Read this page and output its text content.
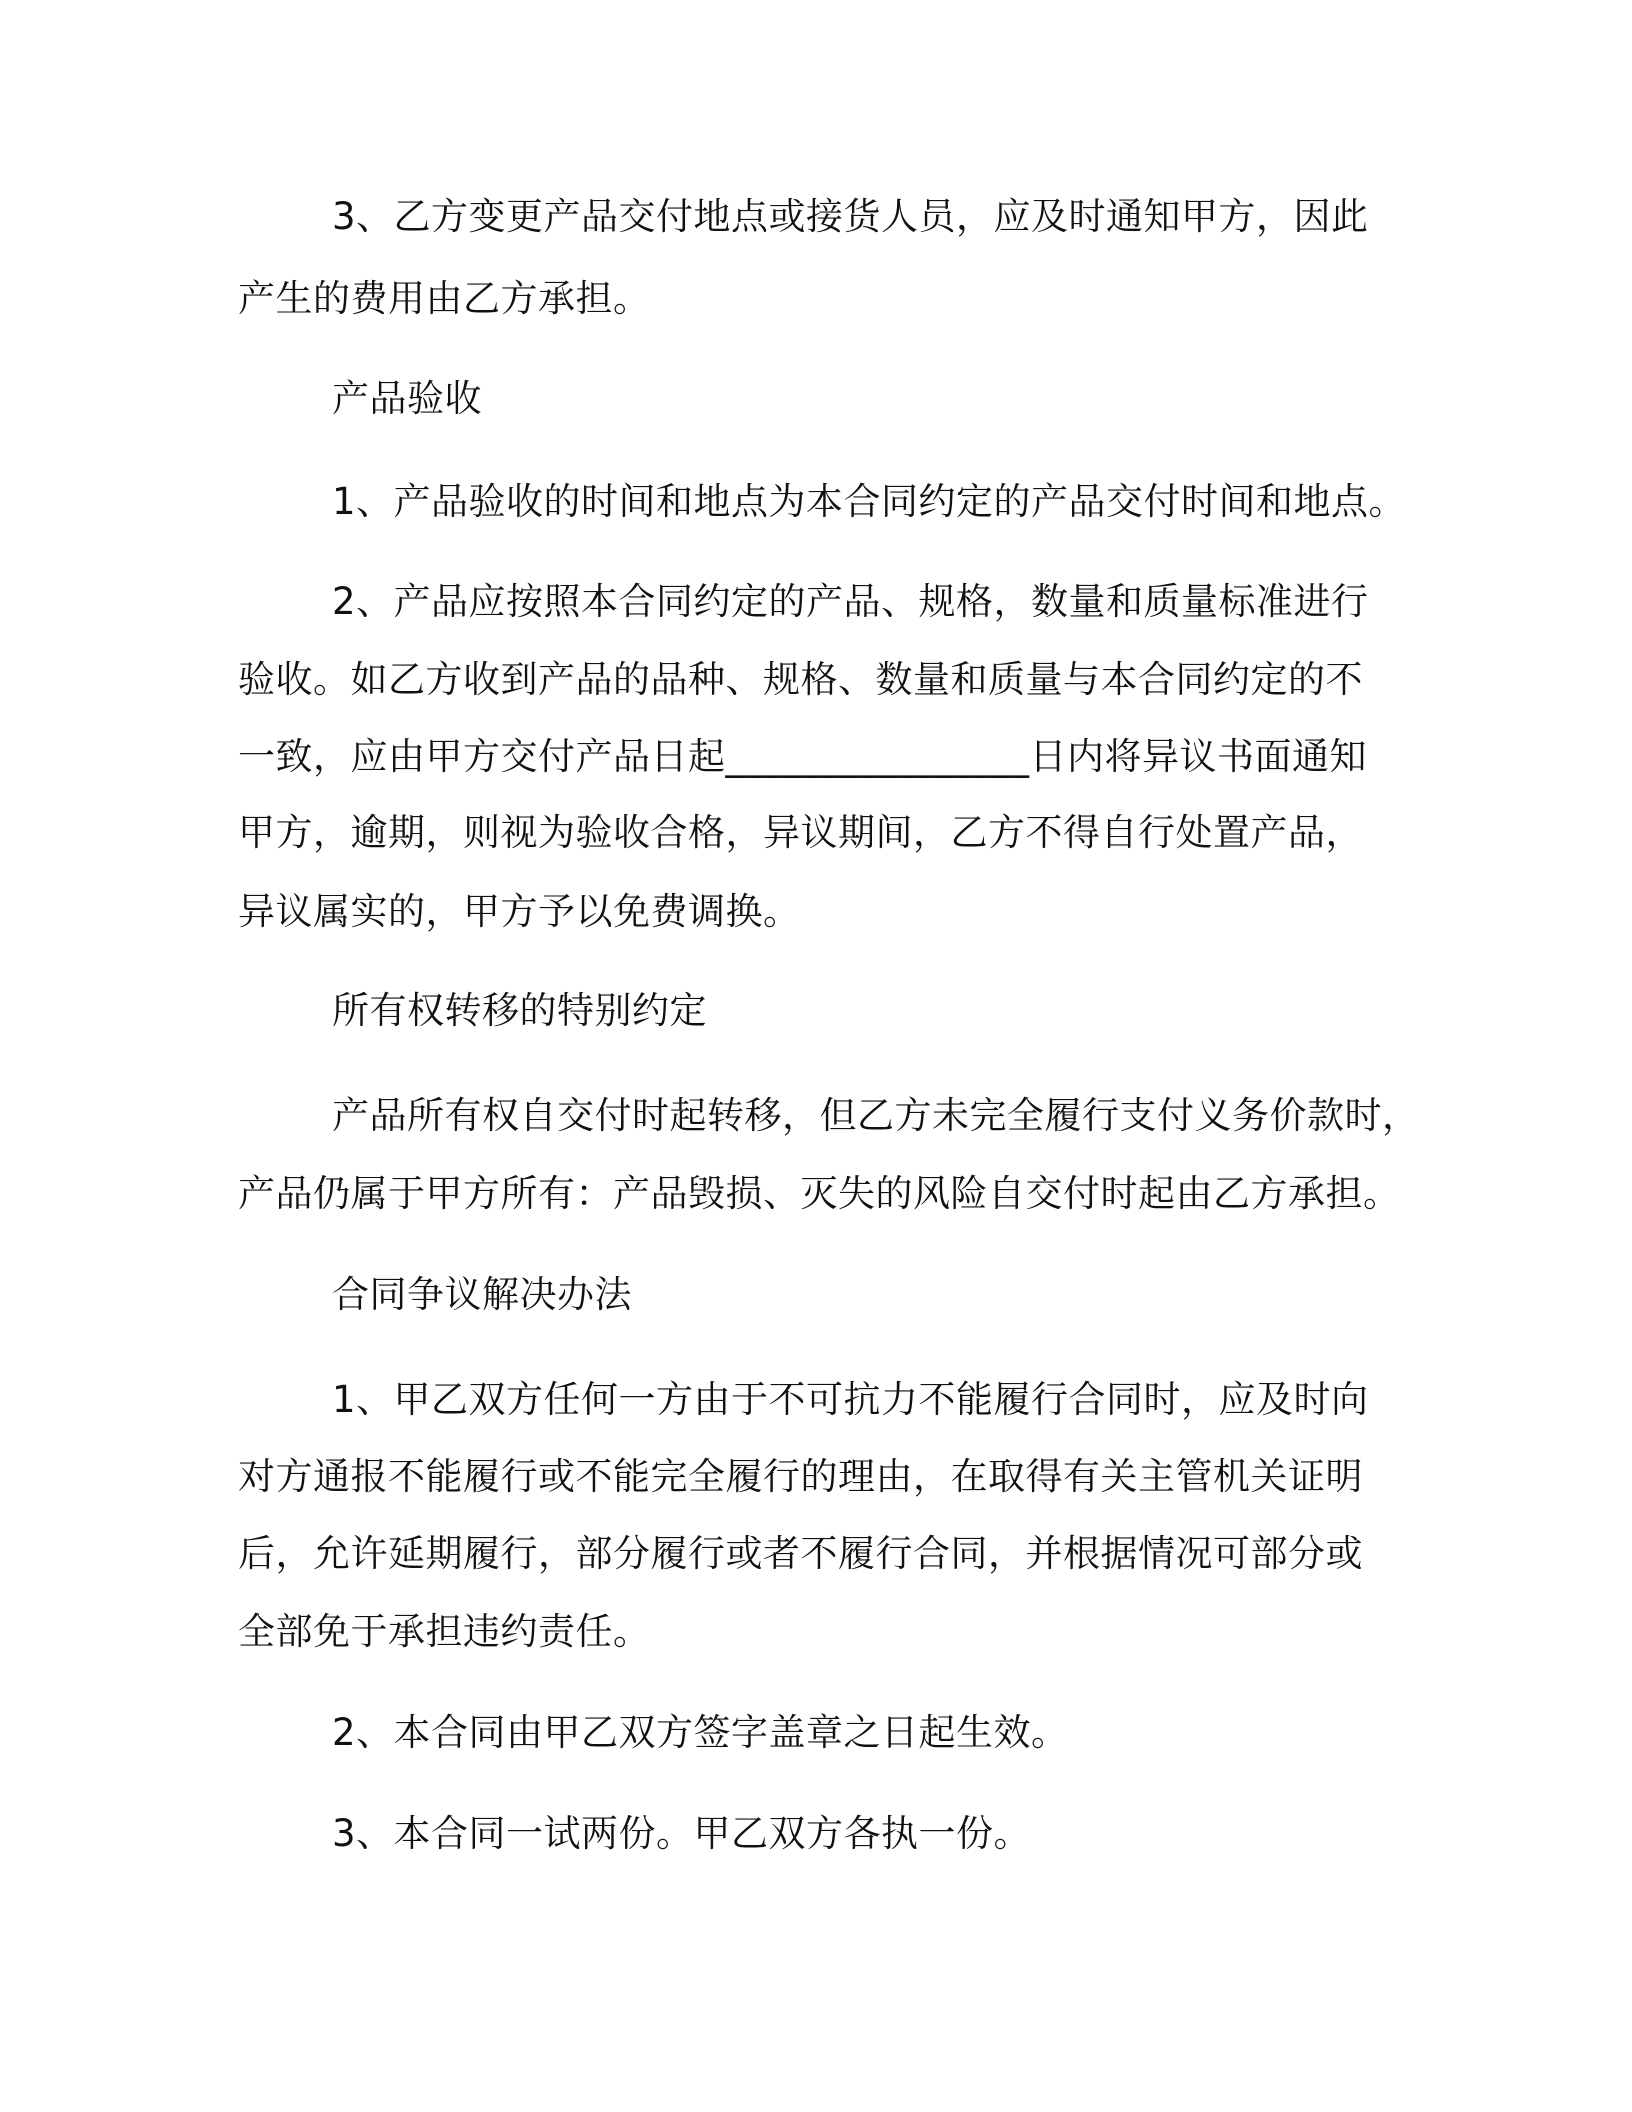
3、乙方变更产品交付地点或接货人员，应及时通知甲方，因此
产生的费用由乙方承担。
产品验收
1、产品验收的时间和地点为本合同约定的产品交付时间和地点。
2、产品应按照本合同约定的产品、规格，数量和质量标准进行
验收。如乙方收到产品的品种、规格、数量和质量与本合同约定的不
一致，应由甲方交付产品日起________________日内将异议书面通知
甲方，逾期，则视为验收合格，异议期间，乙方不得自行处置产品，
异议属实的，甲方予以免费调换。
所有权转移的特别约定
产品所有权自交付时起转移，但乙方未完全履行支付义务价款时，
产品仍属于甲方所有：产品毁损、灭失的风险自交付时起由乙方承担。
合同争议解决办法
1、甲乙双方任何一方由于不可抗力不能履行合同时，应及时向
对方通报不能履行或不能完全履行的理由，在取得有关主管机关证明
后，允许延期履行，部分履行或者不履行合同，并根据情况可部分或
全部免于承担违约责任。
2、本合同由甲乙双方签字盖章之日起生效。
3、本合同一试两份。甲乙双方各执一份。
